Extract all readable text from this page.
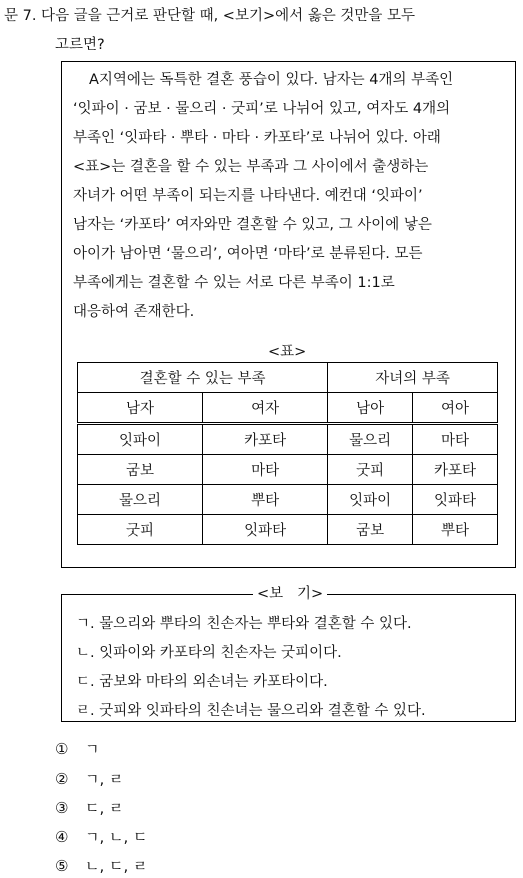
문 7. 다음 글을 근거로 판단할 때, <보기>에서 옳은 것만을 모두
고르면?
A지역에는 독특한 결혼 풍습이 있다. 남자는 4개의 부족인
‘잇파이 · 굼보 · 물으리 · 굿피’로 나뉘어 있고, 여자도 4개의
부족인 ‘잇파타 · 뿌타 · 마타 · 카포타’로 나뉘어 있다. 아래
<표>는 결혼을 할 수 있는 부족과 그 사이에서 출생하는
자녀가 어떤 부족이 되는지를 나타낸다. 예컨대 ‘잇파이’
남자는 ‘카포타’ 여자와만 결혼할 수 있고, 그 사이에 낳은
아이가 남아면 ‘물으리’, 여아면 ‘마타’로 분류된다. 모든
부족에게는 결혼할 수 있는 서로 다른 부족이 1:1로
대응하여 존재한다.
<표>
결혼할 수 있는 부족		자녀의 부족	
남자	여자	남아	여아
잇파이	카포타	물으리	마타
굼보	마타	굿피	카포타
물으리	뿌타	잇파이	잇파타
굿피	잇파타	굼보	뿌타
<보   기>
ㄱ. 물으리와 뿌타의 친손자는 뿌타와 결혼할 수 있다.
ㄴ. 잇파이와 카포타의 친손자는 굿피이다.
ㄷ. 굼보와 마타의 외손녀는 카포타이다.
ㄹ. 굿피와 잇파타의 친손녀는 물으리와 결혼할 수 있다.
① ㄱ
② ㄱ, ㄹ
③ ㄷ, ㄹ
④ ㄱ, ㄴ, ㄷ
⑤ ㄴ, ㄷ, ㄹ
